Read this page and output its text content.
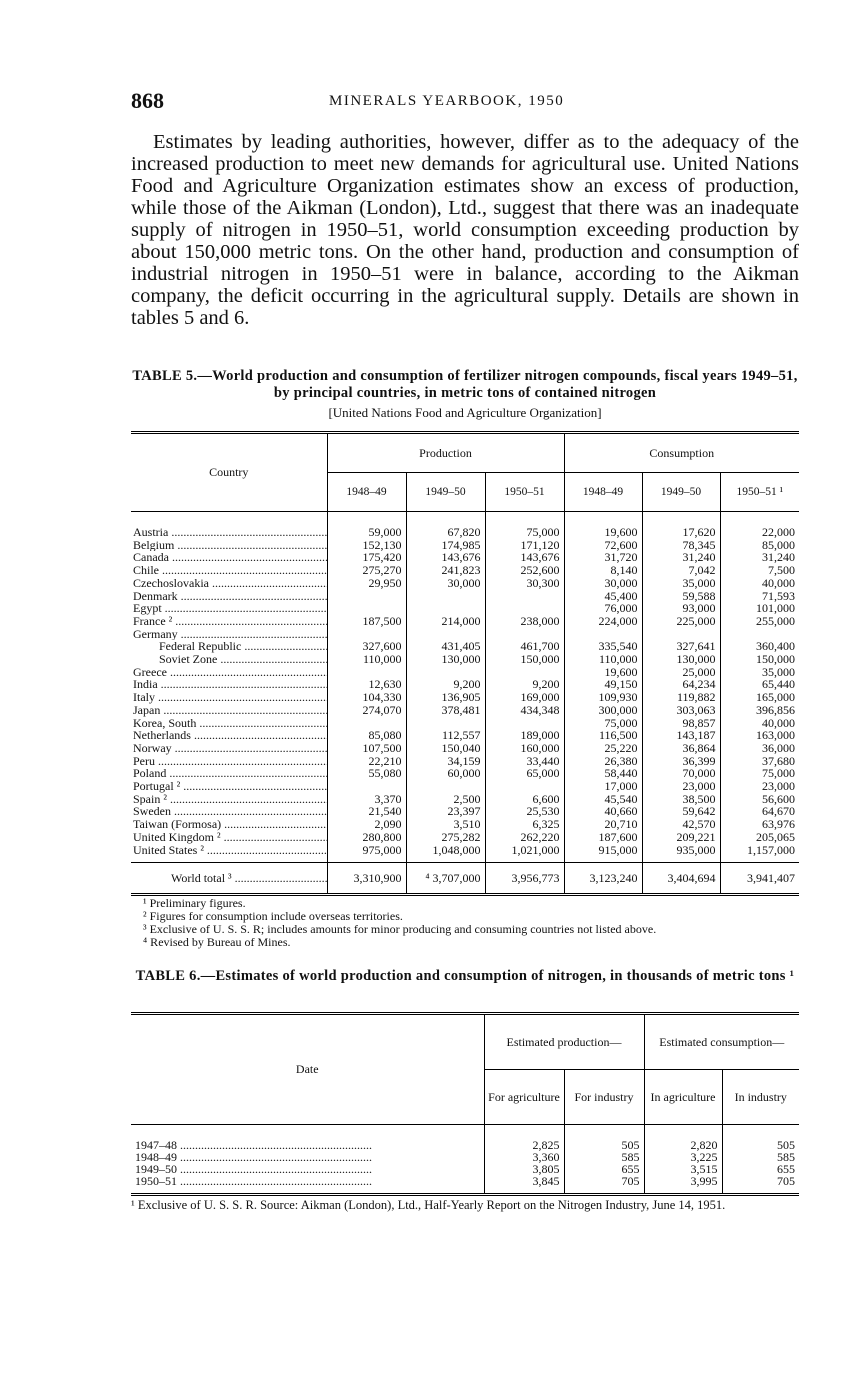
868	MINERALS YEARBOOK, 1950

Estimates by leading authorities, however, differ as to the adequacy of the increased production to meet new demands for agricultural use. United Nations Food and Agriculture Organization estimates show an excess of production, while those of the Aikman (London), Ltd., suggest that there was an inadequate supply of nitrogen in 1950–51, world consumption exceeding production by about 150,000 metric tons. On the other hand, production and consumption of industrial nitrogen in 1950–51 were in balance, according to the Aikman company, the deficit occurring in the agricultural supply. Details are shown in tables 5 and 6.

TABLE 5.—World production and consumption of fertilizer nitrogen compounds, fiscal years 1949–51, by principal countries, in metric tons of contained nitrogen
[United Nations Food and Agriculture Organization]
Country	Production			Consumption		
	1948–49	1949–50	1950–51	1948–49	1949–50	1950–51 ¹
Austria .....	59,000	67,820	75,000	19,600	17,620	22,000
Belgium .....	152,130	174,985	171,120	72,600	78,345	85,000
Canada .....	175,420	143,676	143,676	31,720	31,240	31,240
Chile .....	275,270	241,823	252,600	8,140	7,042	7,500
Czechoslovakia .....	29,950	30,000	30,300	30,000	35,000	40,000
Denmark .....				45,400	59,588	71,593
Egypt .....				76,000	93,000	101,000
France ² .....	187,500	214,000	238,000	224,000	225,000	255,000
Germany .....						
Federal Republic .....	327,600	431,405	461,700	335,540	327,641	360,400
Soviet Zone .....	110,000	130,000	150,000	110,000	130,000	150,000
Greece .....				19,600	25,000	35,000
India .....	12,630	9,200	9,200	49,150	64,234	65,440
Italy .....	104,330	136,905	169,000	109,930	119,882	165,000
Japan .....	274,070	378,481	434,348	300,000	303,063	396,856
Korea, South .....				75,000	98,857	40,000
Netherlands .....	85,080	112,557	189,000	116,500	143,187	163,000
Norway .....	107,500	150,040	160,000	25,220	36,864	36,000
Peru .....	22,210	34,159	33,440	26,380	36,399	37,680
Poland .....	55,080	60,000	65,000	58,440	70,000	75,000
Portugal ² .....				17,000	23,000	23,000
Spain ² .....	3,370	2,500	6,600	45,540	38,500	56,600
Sweden .....	21,540	23,397	25,530	40,660	59,642	64,670
Taiwan (Formosa) .....	2,090	3,510	6,325	20,710	42,570	63,976
United Kingdom ² .....	280,800	275,282	262,220	187,600	209,221	205,065
United States ² .....	975,000	1,048,000	1,021,000	915,000	935,000	1,157,000
World total ³ .....	3,310,900	⁴ 3,707,000	3,956,773	3,123,240	3,404,694	3,941,407
¹ Preliminary figures.
² Figures for consumption include overseas territories.
³ Exclusive of U. S. S. R; includes amounts for minor producing and consuming countries not listed above.
⁴ Revised by Bureau of Mines.
TABLE 6.—Estimates of world production and consumption of nitrogen, in thousands of metric tons ¹
Date	Estimated production—		Estimated consumption—	
	For agriculture	For industry	In agriculture	In industry
1947–48 .....	2,825	505	2,820	505
1948–49 .....	3,360	585	3,225	585
1949–50 .....	3,805	655	3,515	655
1950–51 .....	3,845	705	3,995	705
¹ Exclusive of U. S. S. R. Source: Aikman (London), Ltd., Half-Yearly Report on the Nitrogen Industry, June 14, 1951.
